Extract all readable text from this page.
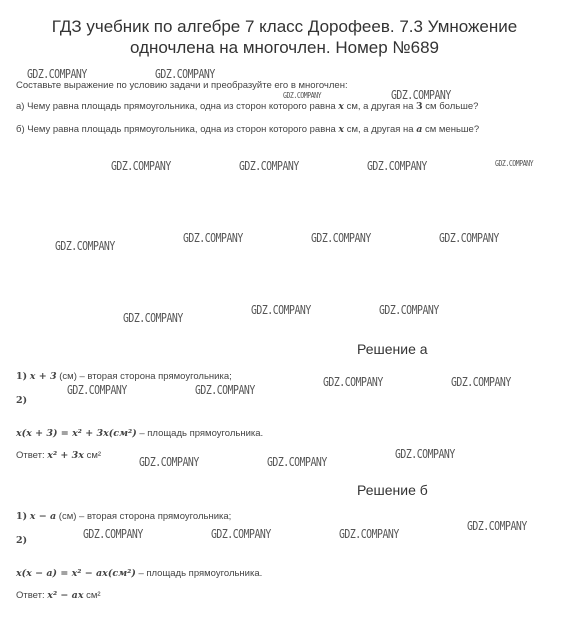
ГДЗ учебник по алгебре 7 класс Дорофеев. 7.3 Умножение
одночлена на многочлен. Номер №689
Составьте выражение по условию задачи и преобразуйте его в многочлен:
а) Чему равна площадь прямоугольника, одна из сторон которого равна x см, а другая на 3 см больше?
б) Чему равна площадь прямоугольника, одна из сторон которого равна x см, а другая на a см меньше?
Решение а
1) x + 3 (см) – вторая сторона прямоугольника;
2)
x(x + 3) = x² + 3x(см²) – площадь прямоугольника.
Ответ: x² + 3x см²
Решение б
1) x − a (см) – вторая сторона прямоугольника;
2)
x(x − a) = x² − ax(см²) – площадь прямоугольника.
Ответ: x² − ax см²
GDZ.COMPANY	GDZ.COMPANY
GDZ.COMPANY	GDZ.COMPANY
GDZ.COMPANY	GDZ.COMPANY	GDZ.COMPANY	GDZ.COMPANY
GDZ.COMPANY
GDZ.COMPANY	GDZ.COMPANY	GDZ.COMPANY
GDZ.COMPANY
GDZ.COMPANY	GDZ.COMPANY
GDZ.COMPANY	GDZ.COMPANY
GDZ.COMPANY	GDZ.COMPANY
GDZ.COMPANY	GDZ.COMPANY
GDZ.COMPANY
GDZ.COMPANY
GDZ.COMPANY	GDZ.COMPANY	GDZ.COMPANY
